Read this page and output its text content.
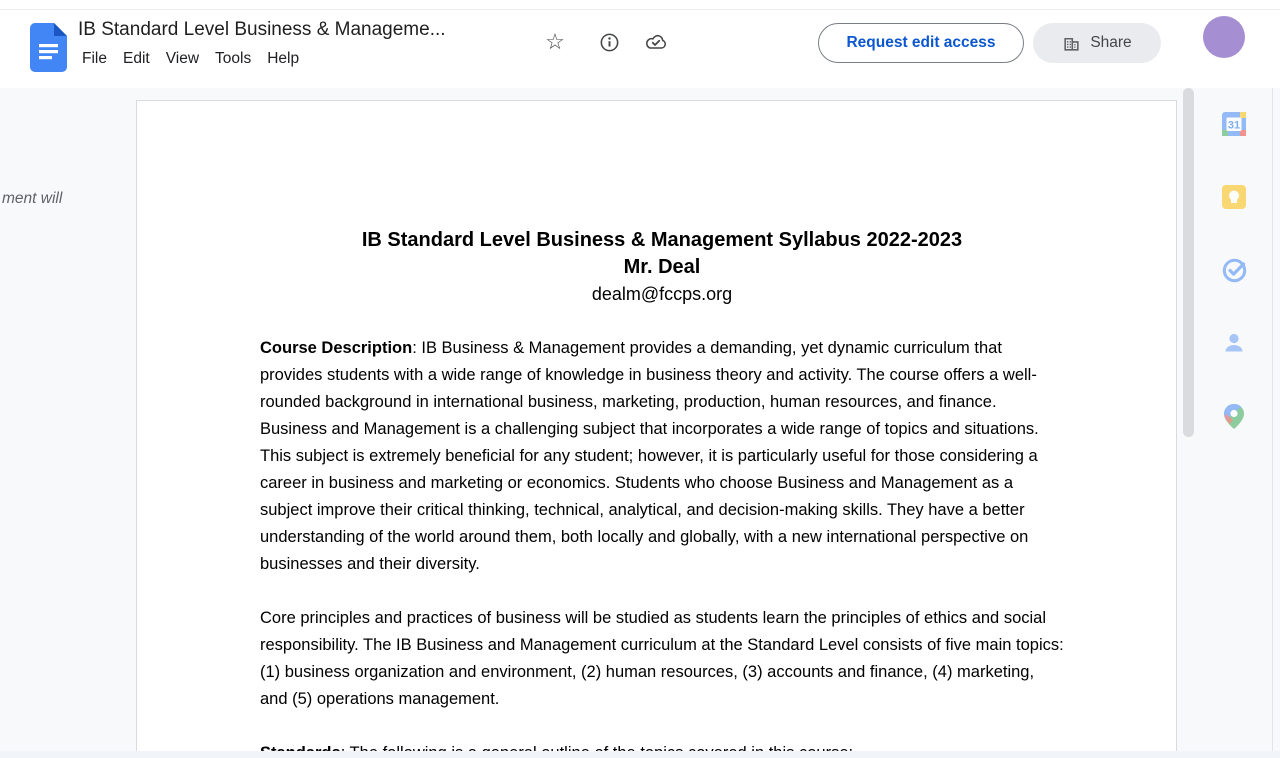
IB Standard Level Business & Manageme...	☆
File	Edit	View	Tools	Help
Request edit access	Share
ment will

IB Standard Level Business & Management Syllabus 2022-2023

Mr. Deal

dealm@fccps.org

Course Description: IB Business & Management provides a demanding, yet dynamic curriculum that provides students with a wide range of knowledge in business theory and activity. The course offers a well-rounded background in international business, marketing, production, human resources, and finance. Business and Management is a challenging subject that incorporates a wide range of topics and situations. This subject is extremely beneficial for any student; however, it is particularly useful for those considering a career in business and marketing or economics. Students who choose Business and Management as a subject improve their critical thinking, technical, analytical, and decision-making skills. They have a better understanding of the world around them, both locally and globally, with a new international perspective on businesses and their diversity.

Core principles and practices of business will be studied as students learn the principles of ethics and social responsibility. The IB Business and Management curriculum at the Standard Level consists of five main topics: (1) business organization and environment, (2) human resources, (3) accounts and finance, (4) marketing, and (5) operations management.

31
